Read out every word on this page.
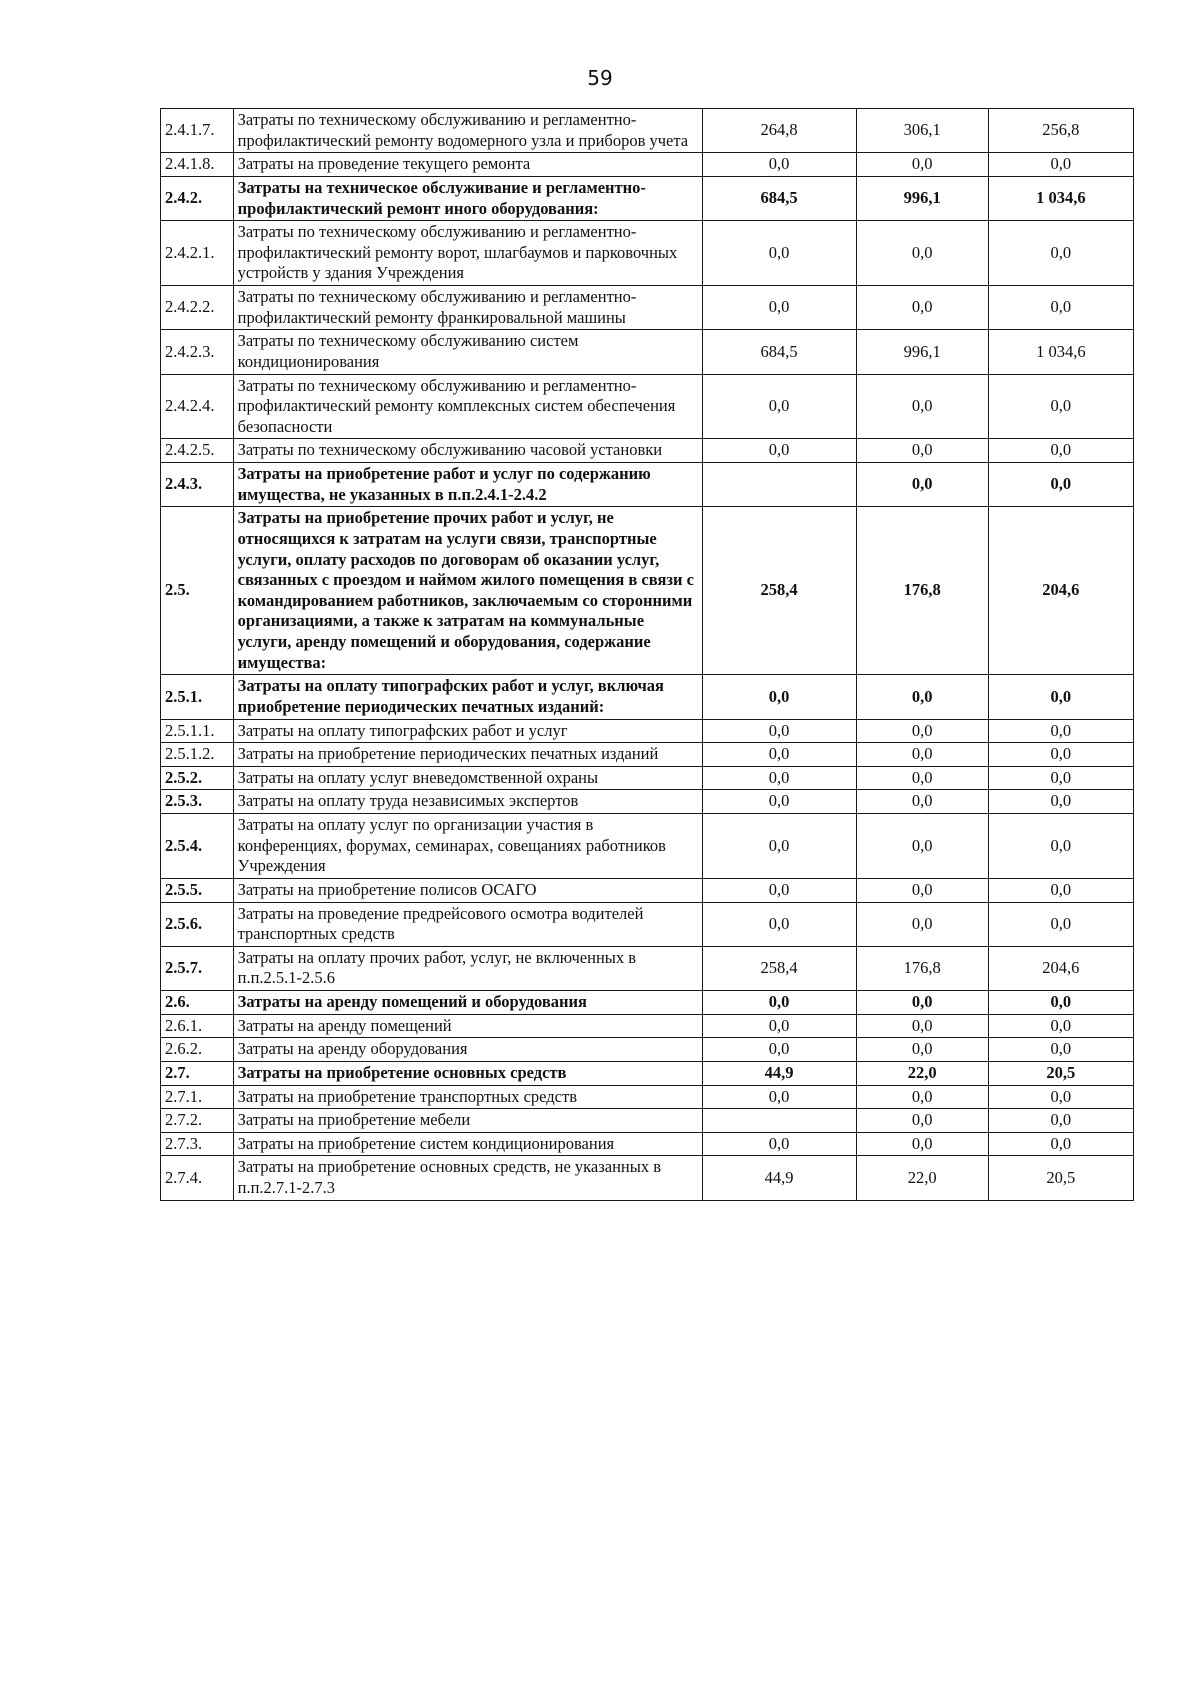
59
2.4.1.7.	Затраты по техническому обслуживанию и регламентно-профилактический ремонту водомерного узла и приборов учета	264,8	306,1	256,8
2.4.1.8.	Затраты на проведение текущего ремонта	0,0	0,0	0,0
2.4.2.	Затраты на техническое обслуживание и регламентно-профилактический ремонт иного оборудования:	684,5	996,1	1 034,6
2.4.2.1.	Затраты по техническому обслуживанию и регламентно-профилактический ремонту ворот, шлагбаумов и парковочных устройств у здания Учреждения	0,0	0,0	0,0
2.4.2.2.	Затраты по техническому обслуживанию и регламентно-профилактический ремонту франкировальной машины	0,0	0,0	0,0
2.4.2.3.	Затраты по техническому обслуживанию систем кондиционирования	684,5	996,1	1 034,6
2.4.2.4.	Затраты по техническому обслуживанию и регламентно-профилактический ремонту комплексных систем обеспечения безопасности	0,0	0,0	0,0
2.4.2.5.	Затраты по техническому обслуживанию часовой установки	0,0	0,0	0,0
2.4.3.	Затраты на приобретение работ и услуг по содержанию имущества, не указанных в п.п.2.4.1-2.4.2		0,0	0,0
2.5.	Затраты на приобретение прочих работ и услуг, не относящихся к затратам на услуги связи, транспортные услуги, оплату расходов по договорам об оказании услуг, связанных с проездом и наймом жилого помещения в связи с командированием работников, заключаемым со сторонними организациями, а также к затратам на коммунальные услуги, аренду помещений и оборудования, содержание имущества:	258,4	176,8	204,6
2.5.1.	Затраты на оплату типографских работ и услуг, включая приобретение периодических печатных изданий:	0,0	0,0	0,0
2.5.1.1.	Затраты на оплату типографских работ и услуг	0,0	0,0	0,0
2.5.1.2.	Затраты на приобретение периодических печатных изданий	0,0	0,0	0,0
2.5.2.	Затраты на оплату услуг вневедомственной охраны	0,0	0,0	0,0
2.5.3.	Затраты на оплату труда независимых экспертов	0,0	0,0	0,0
2.5.4.	Затраты на оплату услуг по организации участия в конференциях, форумах, семинарах, совещаниях работников Учреждения	0,0	0,0	0,0
2.5.5.	Затраты на приобретение полисов ОСАГО	0,0	0,0	0,0
2.5.6.	Затраты на проведение предрейсового осмотра водителей транспортных средств	0,0	0,0	0,0
2.5.7.	Затраты на оплату прочих работ, услуг, не включенных в п.п.2.5.1-2.5.6	258,4	176,8	204,6
2.6.	Затраты на аренду помещений и оборудования	0,0	0,0	0,0
2.6.1.	Затраты на аренду помещений	0,0	0,0	0,0
2.6.2.	Затраты на аренду оборудования	0,0	0,0	0,0
2.7.	Затраты на приобретение основных средств	44,9	22,0	20,5
2.7.1.	Затраты на приобретение транспортных средств	0,0	0,0	0,0
2.7.2.	Затраты на приобретение мебели		0,0	0,0
2.7.3.	Затраты на приобретение систем кондиционирования	0,0	0,0	0,0
2.7.4.	Затраты на приобретение основных средств, не указанных в п.п.2.7.1-2.7.3	44,9	22,0	20,5
